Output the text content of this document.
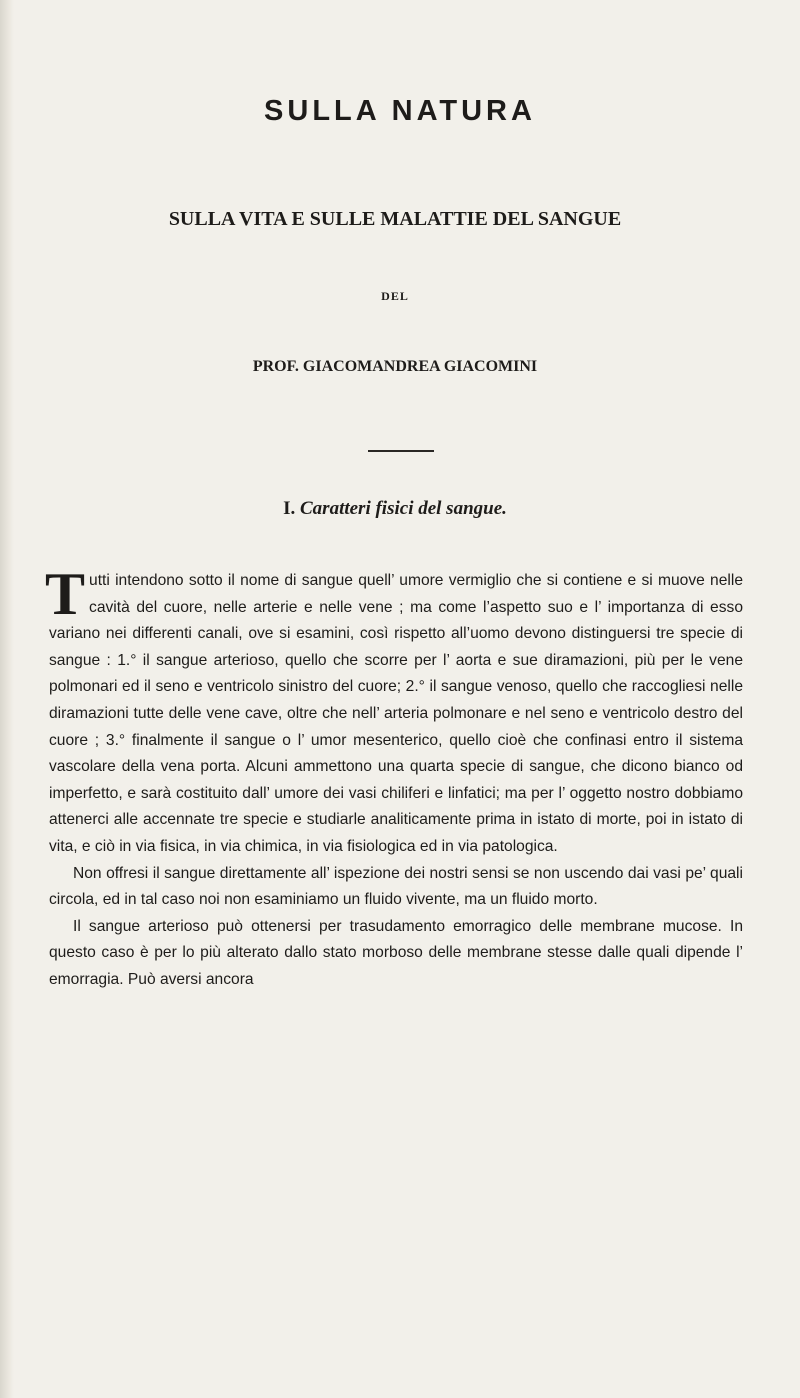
SULLA NATURA
SULLA VITA E SULLE MALATTIE DEL SANGUE
DEL
PROF. GIACOMANDREA GIACOMINI
I. Caratteri fisici del sangue.

Tutti intendono sotto il nome di sangue quell’ umore vermiglio che si contiene e si muove nelle cavità del cuore, nelle arterie e nelle vene ; ma come l’aspetto suo e l’ importanza di esso variano nei differenti canali, ove si esamini, così rispetto all’uomo devono distinguersi tre specie di sangue : 1.° il sangue arterioso, quello che scorre per l’ aorta e sue diramazioni, più per le vene polmonari ed il seno e ventricolo sinistro del cuore; 2.° il sangue venoso, quello che raccogliesi nelle diramazioni tutte delle vene cave, oltre che nell’ arteria polmonare e nel seno e ventricolo destro del cuore ; 3.° finalmente il sangue o l’ umor mesenterico, quello cioè che confinasi entro il sistema vascolare della vena porta. Alcuni ammettono una quarta specie di sangue, che dicono bianco od imperfetto, e sarà costituito dall’ umore dei vasi chiliferi e linfatici; ma per l’ oggetto nostro dobbiamo attenerci alle accennate tre specie e studiarle analiticamente prima in istato di morte, poi in istato di vita, e ciò in via fisica, in via chimica, in via fisiologica ed in via patologica.

Non offresi il sangue direttamente all’ ispezione dei nostri sensi se non uscendo dai vasi pe’ quali circola, ed in tal caso noi non esaminiamo un fluido vivente, ma un fluido morto.

Il sangue arterioso può ottenersi per trasudamento emorragico delle membrane mucose. In questo caso è per lo più alterato dallo stato morboso delle membrane stesse dalle quali dipende l’ emorragia. Può aversi ancora
